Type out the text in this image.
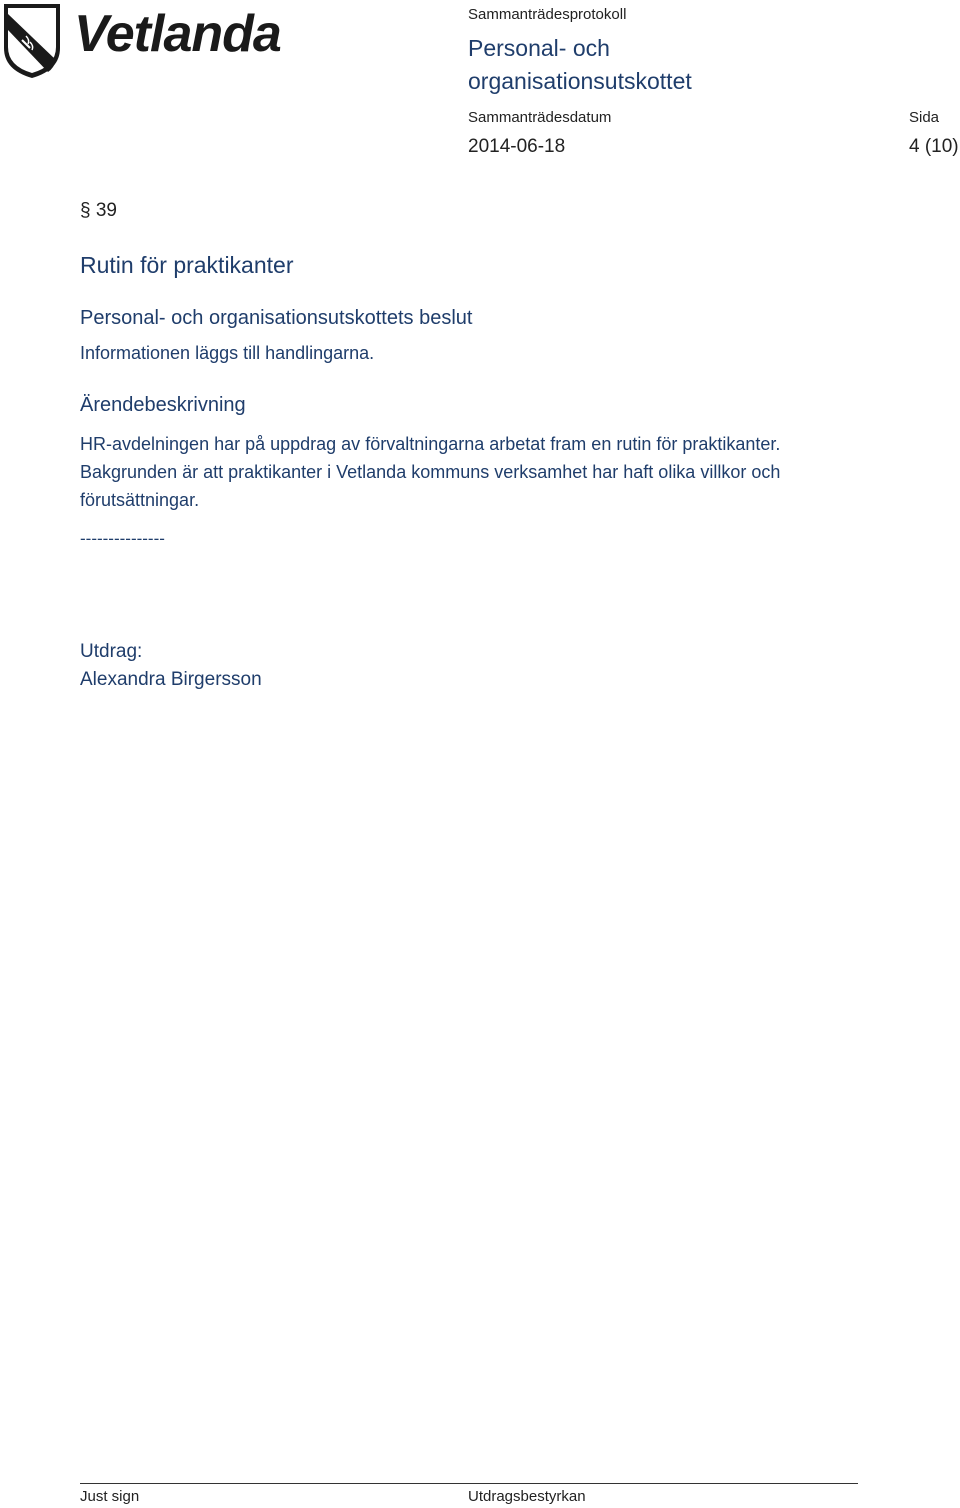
Vetlanda	Sammanträdesprotokoll
Personal- och
organisationsutskottet
Sammanträdesdatum	Sida
2014-06-18	4 (10)
§ 39
Rutin för praktikanter
Personal- och organisationsutskottets beslut
Informationen läggs till handlingarna.
Ärendebeskrivning
HR-avdelningen har på uppdrag av förvaltningarna arbetat fram en rutin för praktikanter. Bakgrunden är att praktikanter i Vetlanda kommuns verksamhet har haft olika villkor och förutsättningar.
---------------
Utdrag:
Alexandra Birgersson
Just sign	Utdragsbestyrkan
